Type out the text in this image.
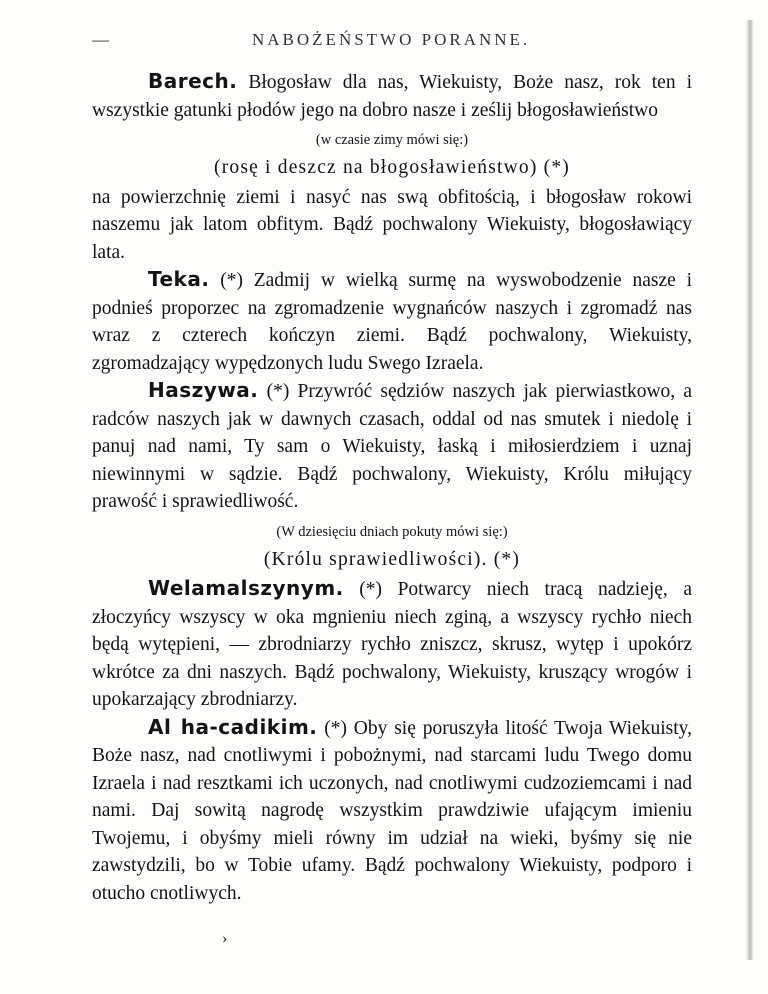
—	NABOŻEŃSTWO PORANNE.

Barech. Błogosław dla nas, Wiekuisty, Boże nasz, rok ten i wszystkie gatunki płodów jego na dobro nasze i ześlij błogosławieństwo

(w czasie zimy mówi się:)

(rosę i deszcz na błogosławieństwo) (*)

na powierzchnię ziemi i nasyć nas swą obfitością, i błogosław rokowi naszemu jak latom obfitym. Bądź pochwalony Wiekuisty, błogosławiący lata.

Teka. (*) Zadmij w wielką surmę na wyswobodzenie nasze i podnieś proporzec na zgromadzenie wygnańców naszych i zgromadź nas wraz z czterech kończyn ziemi. Bądź pochwalony, Wiekuisty, zgromadzający wypędzonych ludu Swego Izraela.

Haszywa. (*) Przywróć sędziów naszych jak pierwiastkowo, a radców naszych jak w dawnych czasach, oddal od nas smutek i niedolę i panuj nad nami, Ty sam o Wiekuisty, łaską i miłosierdziem i uznaj niewinnymi w sądzie. Bądź pochwalony, Wiekuisty, Królu miłujący prawość i sprawiedliwość.

(W dziesięciu dniach pokuty mówi się:)

(Królu sprawiedliwości). (*)

Welamalszynym. (*) Potwarcy niech tracą nadzieję, a złoczyńcy wszyscy w oka mgnieniu niech zginą, a wszyscy rychło niech będą wytępieni, — zbrodniarzy rychło zniszcz, skrusz, wytęp i upokórz wkrótce za dni naszych. Bądź pochwalony, Wiekuisty, kruszący wrogów i upokarzający zbrodniarzy.

Al ha-cadikim. (*) Oby się poruszyła litość Twoja Wiekuisty, Boże nasz, nad cnotliwymi i pobożnymi, nad starcami ludu Twego domu Izraela i nad resztkami ich uczonych, nad cnotliwymi cudzoziemcami i nad nami. Daj sowitą nagrodę wszystkim prawdziwie ufającym imieniu Twojemu, i obyśmy mieli równy im udział na wieki, byśmy się nie zawstydzili, bo w Tobie ufamy. Bądź pochwalony Wiekuisty, podporo i otucho cnotliwych.

›
